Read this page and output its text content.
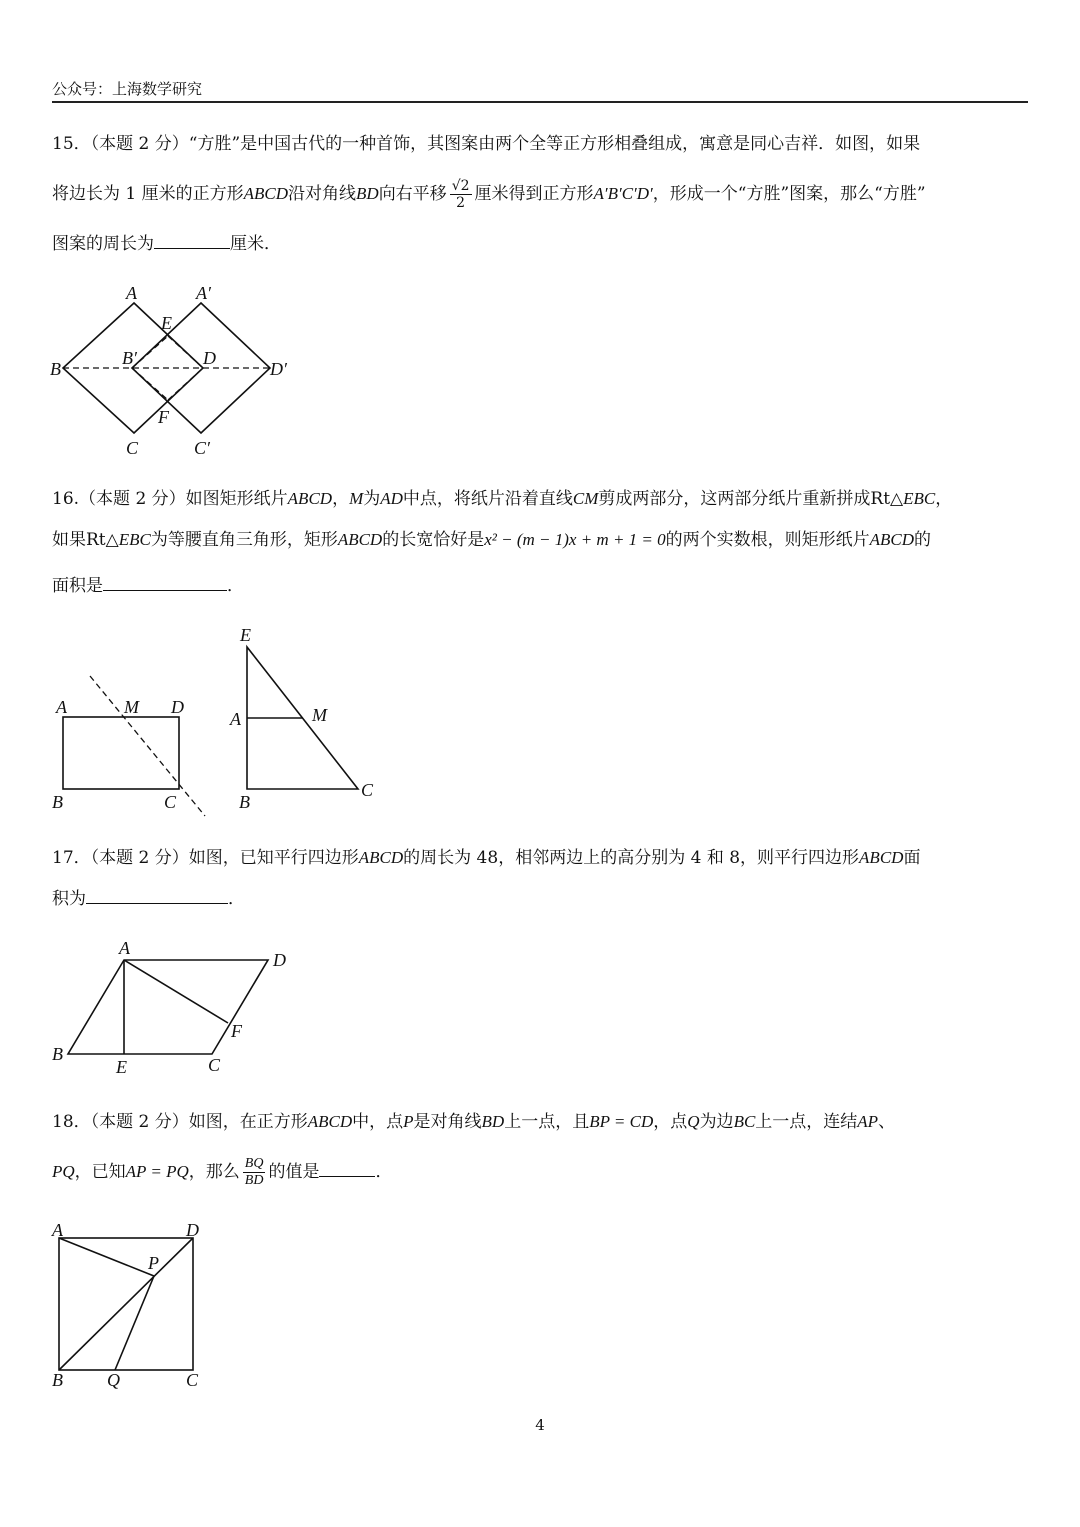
公众号：上海数学研究
15．（本题 2 分）“方胜”是中国古代的一种首饰，其图案由两个全等正方形相叠组成，寓意是同心吉祥．如图，如果
将边长为 1 厘米的正方形ABCD沿对角线BD向右平移 $\frac{√2}{2}$ 厘米得到正方形A′B′C′D′，形成一个“方胜”图案，那么“方胜”
图案的周长为	厘米．
A	A′
E
B
B′	D
D′
F
C	C′
16.（本题 2 分）如图矩形纸片ABCD，M为AD中点，将纸片沿着直线CM剪成两部分，这两部分纸片重新拼成Rt△EBC，
如果Rt△EBC为等腰直角三角形，矩形ABCD的长宽恰好是x² − (m − 1)x + m + 1 = 0的两个实数根，则矩形纸片ABCD的
面积是	．
A	M D
B	C
E
A	M
B
C
17．（本题 2 分）如图，已知平行四边形ABCD的周长为 48，相邻两边上的高分别为 4 和 8，则平行四边形ABCD面
积为	．
A
D
F
B
E	C
18．（本题 2 分）如图，在正方形ABCD中，点P是对角线BD上一点，且BP = CD，点Q为边BC上一点，连结AP、
PQ，已知AP = PQ，那么 $\frac{BQ}{BD}$ 的值是	．
A	D
P
B Q	C
4
